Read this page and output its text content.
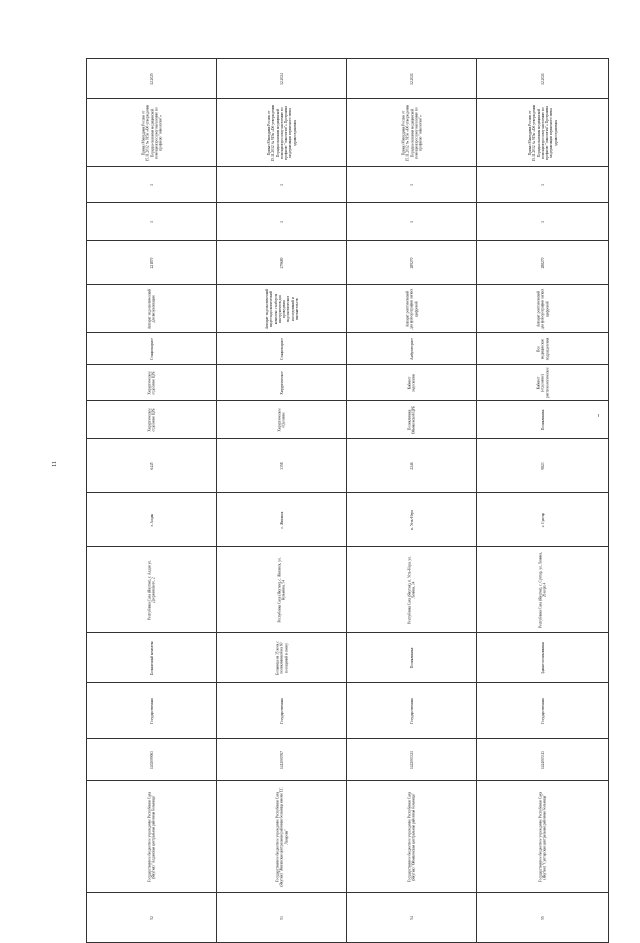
11
12.2025	12.2024	12.2021	12.2021

Приказ Минздрава России от 15.11.2012 № 915н «Об утверждении Порядка оказания медицинской помощи взрослому населению по профилю "онкология"»	Приказ Минздрава России от 15.11.2012 № 915н «Об утверждении Порядка оказания медицинской помощи взрослому населению по профилю "онкология"» Программа модернизации первичного звена здравоохранения	Приказ Минздрава России от 15.11.2012 № 915н «Об утверждении Порядка оказания медицинской помощи взрослому населению по профилю "онкология"»	Приказ Минздрава России от 15.11.2012 № 915н «Об утверждении Порядка оказания медицинской помощи взрослому населению по профилю "онкология"» Программа модернизации первичного звена здравоохранения

1	1	1	1

1	1	1	1

221870	279680	289270	288270

Аппарат эндоскопический для визуализации	Аппарат эндоскопический видеоэндоскопический комплекс с набором инструментов для проведения эндоскопических исследований и вмешательств	Аппарат рентгеновский для флюорографии легких цифровой	Аппарат рентгеновский для флюорографии легких цифровой

Стационарное	Стационарное	Амбулаторное	Все медицинские подразделения

Хирургическое отделение ЦРБ	Хирургическое	Кабинет эндоскопии	Кабинет (отделение) рентгенологическое

Хирургическое отделение ЦРБ	Хирургическое отделение	Поликлиника Оймяконской ЦРБ	Поликлиника

6445	3358	2246	9823

г. Алдан	с. Жиганск	п. Усть-Нера	с. Сунтар

Республика Саха (Якутия), г. Алдан ул. Дзержинского, 2	Республика Саха (Якутия), с. Жиганск, ул. Кузьмина, 54	Республика Саха (Якутия), п. Усть-Нера, ул. Ленина, 34	Республика Саха (Якутия), с. Сунтар, ул. Ленина, 26 корп.4

Больничный комплекс	Больница на 35 коек с поликлиникой на 60 посещений в смену	Поликлиника	Здание поликлиники

Государственная	Государственная	Государственная	Государственная

1402009063	1412000767	1422003321	1424003313

Государственное бюджетное учреждение Республики Саха (Якутия) "Алданская центральная районная больница"	Государственное бюджетное учреждение Республики Саха (Якутия) "Жиганская центральная районная больница имени Т.Г. Лазарева"	Государственное бюджетное учреждение Республики Саха (Якутия) "Оймяконская центральная районная больница"	Государственное бюджетное учреждение Республики Саха (Якутия) "Сунтарская центральная районная больница"

52	53	54	55
